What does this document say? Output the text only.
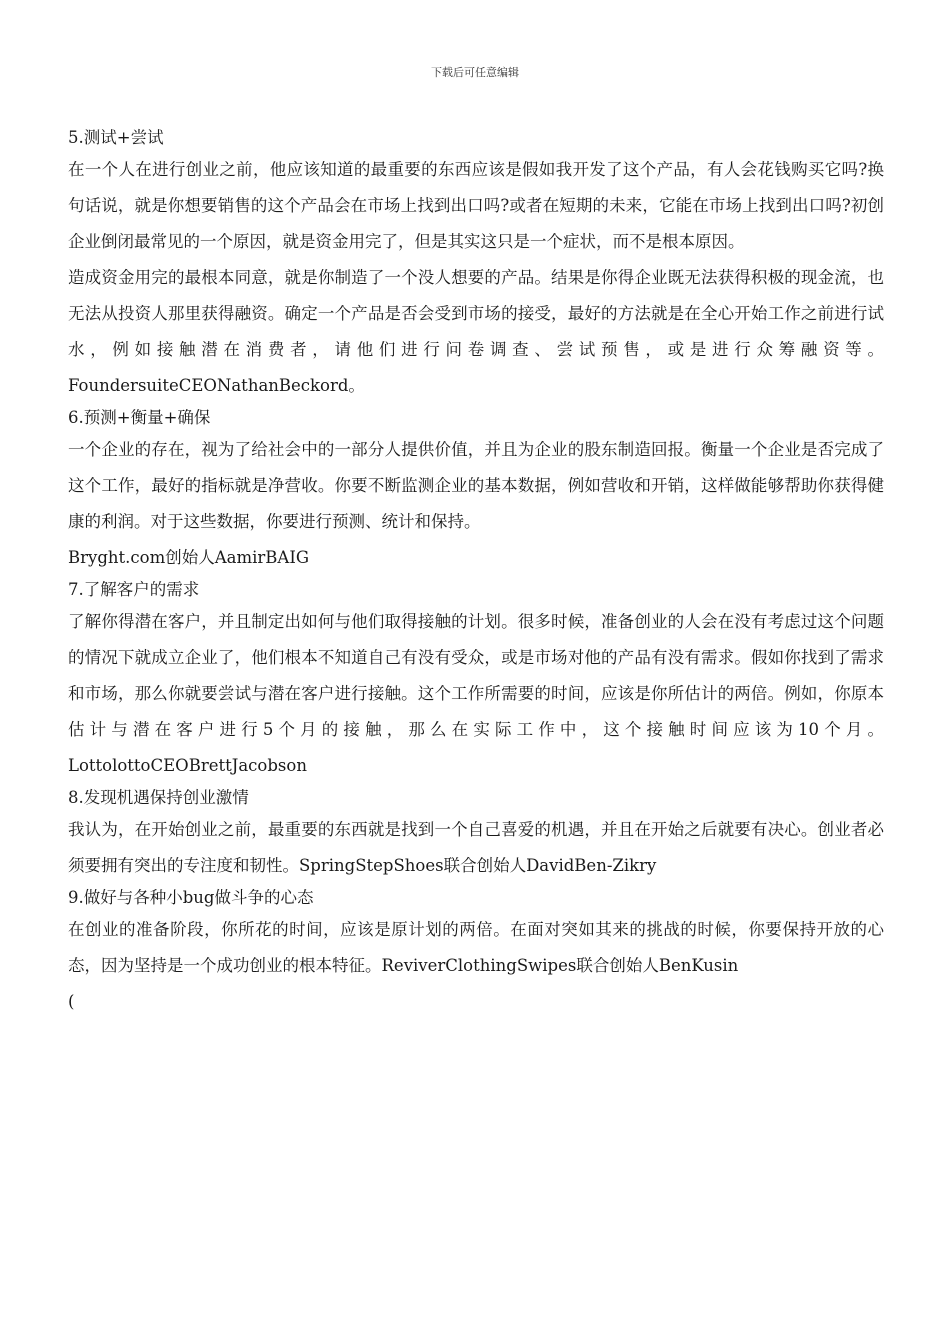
下载后可任意编辑
5.测试+尝试

在一个人在进行创业之前，他应该知道的最重要的东西应该是假如我开发了这个产品，有人会花钱购买它吗?换句话说，就是你想要销售的这个产品会在市场上找到出口吗?或者在短期的未来，它能在市场上找到出口吗?初创企业倒闭最常见的一个原因，就是资金用完了，但是其实这只是一个症状，而不是根本原因。

造成资金用完的最根本同意，就是你制造了一个没人想要的产品。结果是你得企业既无法获得积极的现金流，也无法从投资人那里获得融资。确定一个产品是否会受到市场的接受，最好的方法就是在全心开始工作之前进行试水，例如接触潜在消费者，请他们进行问卷调查、尝试预售，或是进行众筹融资等。FoundersuiteCEONathanBeckord。

6.预测+衡量+确保

一个企业的存在，视为了给社会中的一部分人提供价值，并且为企业的股东制造回报。衡量一个企业是否完成了这个工作，最好的指标就是净营收。你要不断监测企业的基本数据，例如营收和开销，这样做能够帮助你获得健康的利润。对于这些数据，你要进行预测、统计和保持。

Bryght.com创始人AamirBAIG

7.了解客户的需求

了解你得潜在客户，并且制定出如何与他们取得接触的计划。很多时候，准备创业的人会在没有考虑过这个问题的情况下就成立企业了，他们根本不知道自己有没有受众，或是市场对他的产品有没有需求。假如你找到了需求和市场，那么你就要尝试与潜在客户进行接触。这个工作所需要的时间，应该是你所估计的两倍。例如，你原本估计与潜在客户进行5个月的接触，那么在实际工作中，这个接触时间应该为10个月。LottolottoCEOBrettJacobson

8.发现机遇保持创业激情

我认为，在开始创业之前，最重要的东西就是找到一个自己喜爱的机遇，并且在开始之后就要有决心。创业者必须要拥有突出的专注度和韧性。SpringStepShoes联合创始人DavidBen-Zikry

9.做好与各种小bug做斗争的心态

在创业的准备阶段，你所花的时间，应该是原计划的两倍。在面对突如其来的挑战的时候，你要保持开放的心态，因为坚持是一个成功创业的根本特征。ReviverClothingSwipes联合创始人BenKusin

(
